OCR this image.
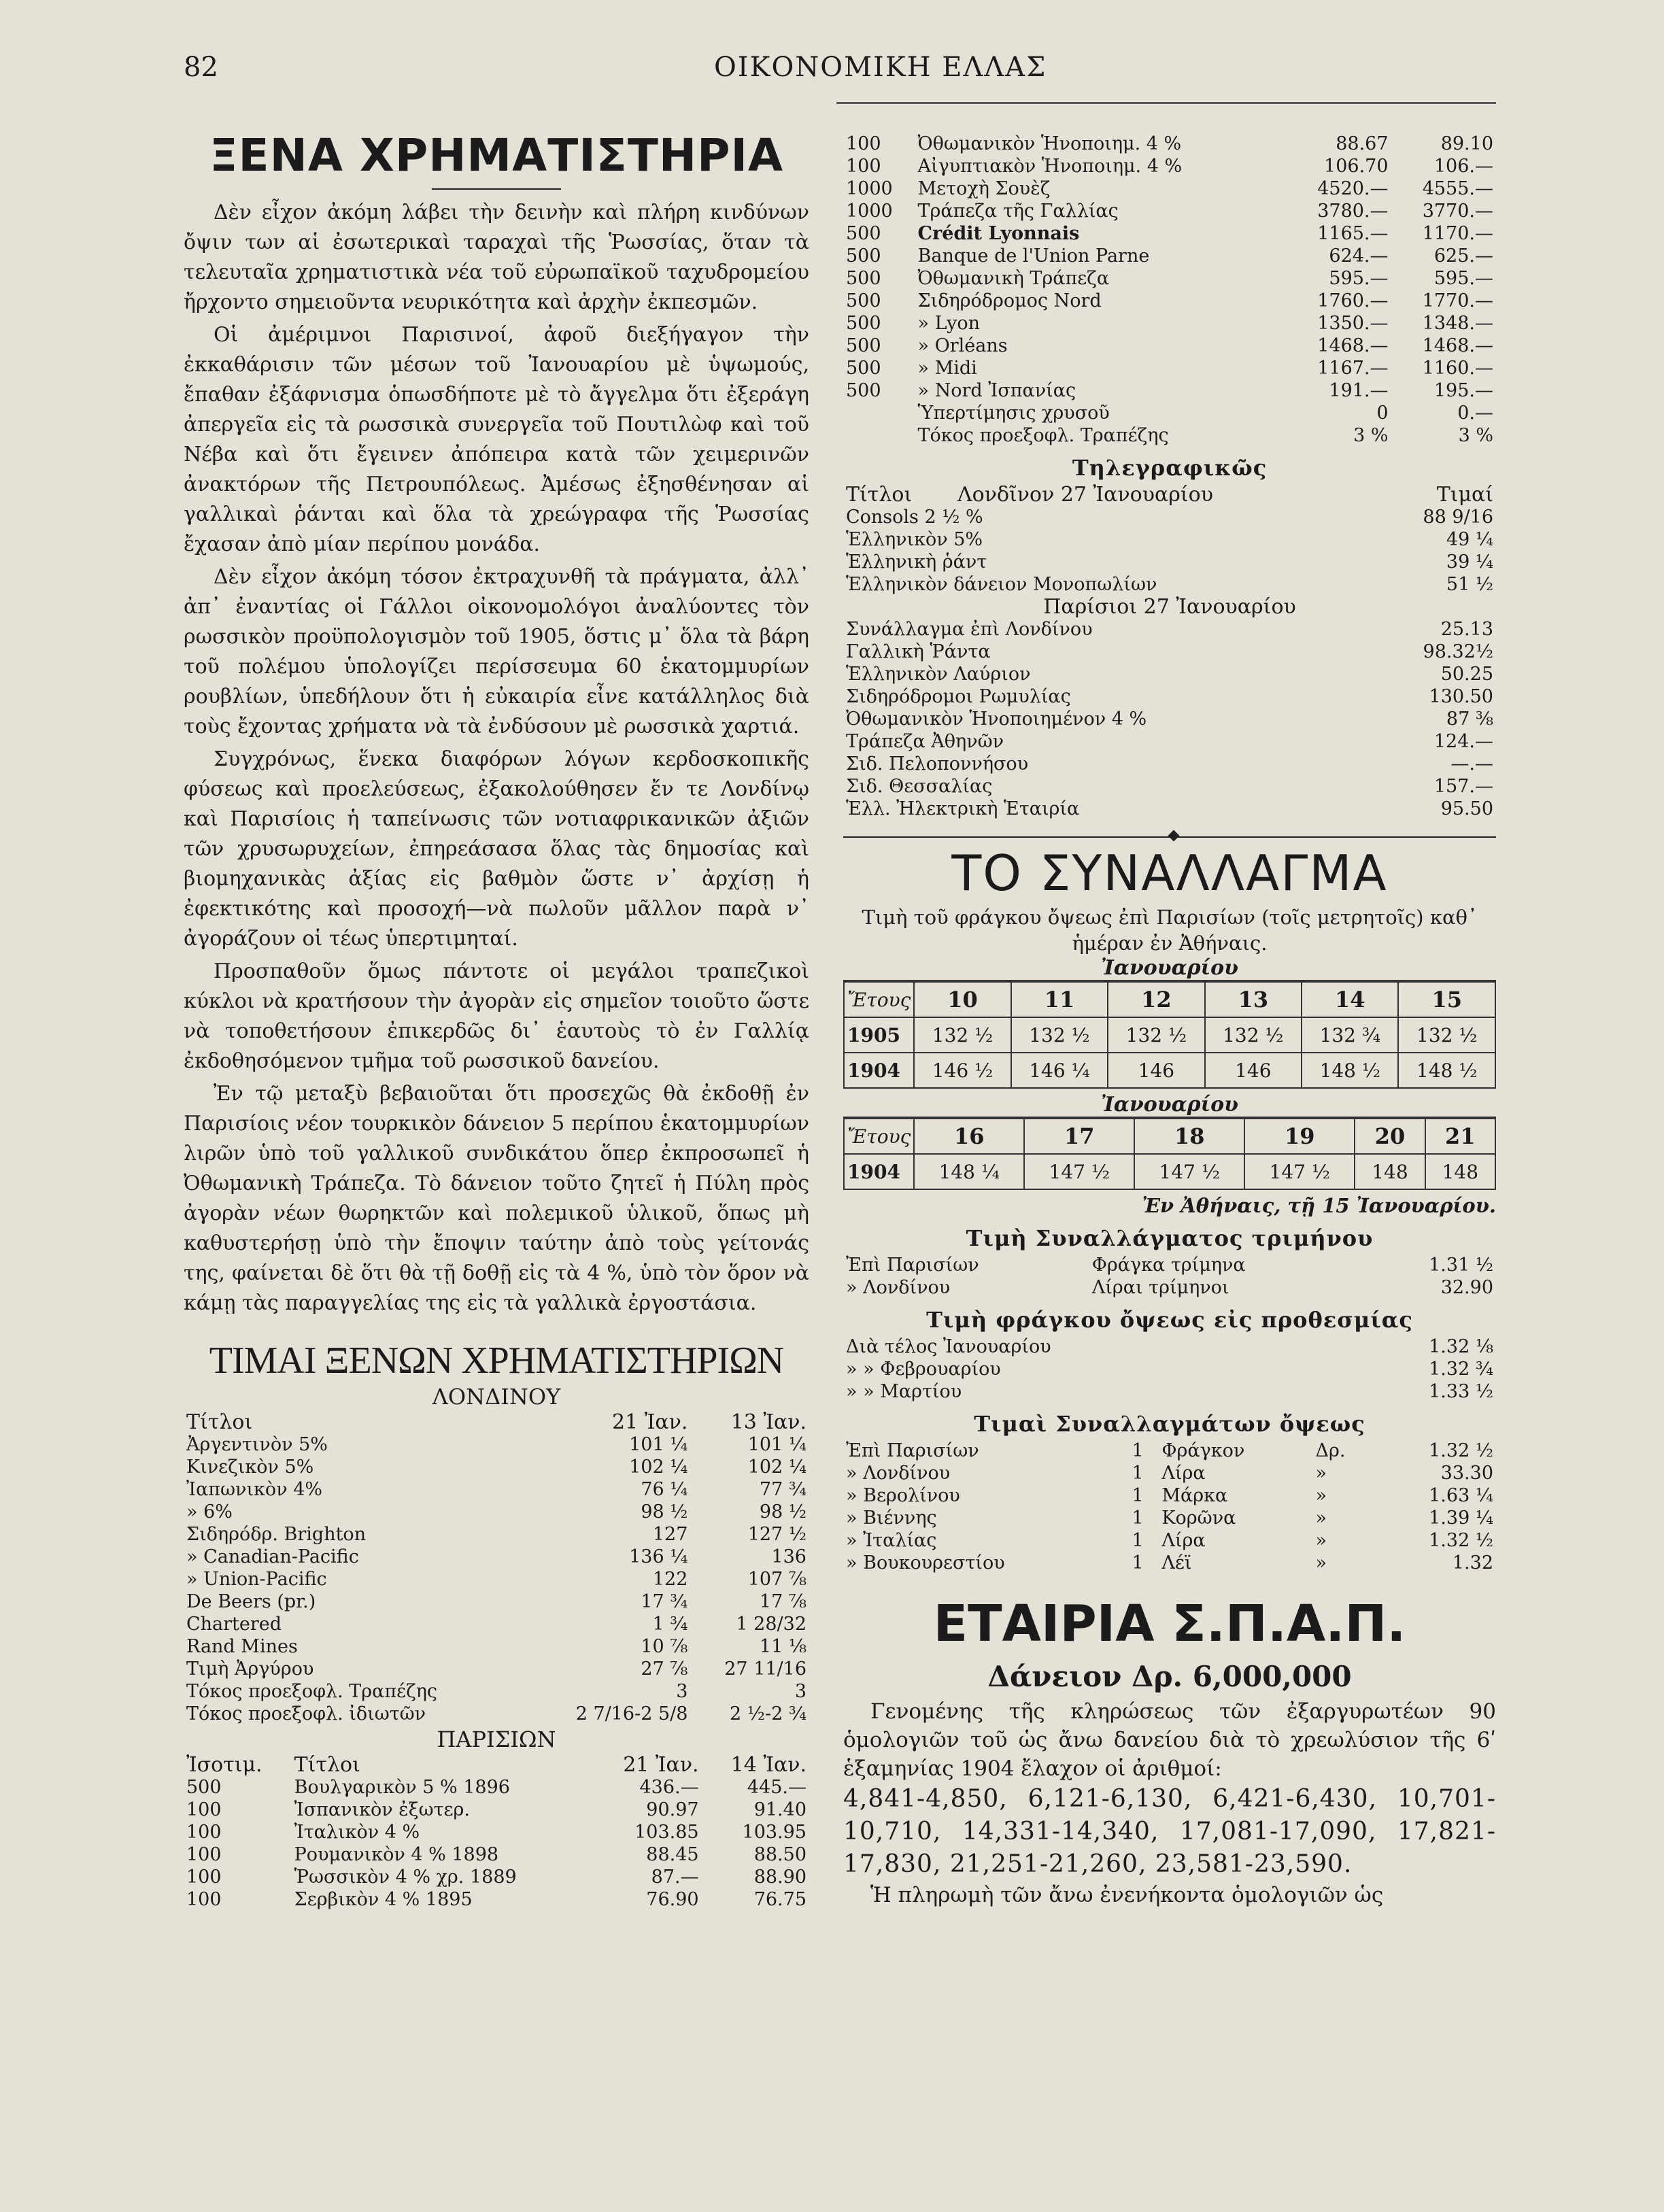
82	ΟΙΚΟΝΟΜΙΚΗ ΕΛΛΑΣ
ΞΕΝΑ ΧΡΗΜΑΤΙΣΤΗΡΙΑ

Δὲν εἶχον ἀκόμη λάβει τὴν δεινὴν καὶ πλήρη κινδύνων ὄψιν των αἱ ἐσωτερικαὶ ταραχαὶ τῆς Ῥωσσίας, ὅταν τὰ τελευταῖα χρηματιστικὰ νέα τοῦ εὐρωπαϊκοῦ ταχυδρομείου ἤρχοντο σημειοῦντα νευρικότητα καὶ ἀρχὴν ἐκπεσμῶν.

Οἱ ἀμέριμνοι Παρισινοί, ἀφοῦ διεξήγαγον τὴν ἐκκαθάρισιν τῶν μέσων τοῦ Ἰανουαρίου μὲ ὑψωμούς, ἔπαθαν ἐξάφνισμα ὁπωσδήποτε μὲ τὸ ἄγγελμα ὅτι ἐξεράγη ἀπεργεῖα εἰς τὰ ρωσσικὰ συνεργεῖα τοῦ Πουτιλὼφ καὶ τοῦ Νέβα καὶ ὅτι ἔγεινεν ἀπόπειρα κατὰ τῶν χειμερινῶν ἀνακτόρων τῆς Πετρουπόλεως. Ἀμέσως ἐξησθένησαν αἱ γαλλικαὶ ῥάνται καὶ ὅλα τὰ χρεώγραφα τῆς Ῥωσσίας ἔχασαν ἀπὸ μίαν περίπου μονάδα.

Δὲν εἶχον ἀκόμη τόσον ἐκτραχυνθῆ τὰ πράγματα, ἀλλ᾽ ἀπ᾽ ἐναντίας οἱ Γάλλοι οἰκονομολόγοι ἀναλύοντες τὸν ρωσσικὸν προϋπολογισμὸν τοῦ 1905, ὅστις μ᾽ ὅλα τὰ βάρη τοῦ πολέμου ὑπολογίζει περίσσευμα 60 ἑκατομμυρίων ρουβλίων, ὑπεδήλουν ὅτι ἡ εὐκαιρία εἶνε κατάλληλος διὰ τοὺς ἔχοντας χρήματα νὰ τὰ ἐνδύσουν μὲ ρωσσικὰ χαρτιά.

Συγχρόνως, ἕνεκα διαφόρων λόγων κερδοσκοπικῆς φύσεως καὶ προελεύσεως, ἐξακολούθησεν ἔν τε Λονδίνῳ καὶ Παρισίοις ἡ ταπείνωσις τῶν νοτιαφρικανικῶν ἀξιῶν τῶν χρυσωρυχείων, ἐπηρεάσασα ὅλας τὰς δημοσίας καὶ βιομηχανικὰς ἀξίας εἰς βαθμὸν ὥστε ν᾽ ἀρχίσῃ ἡ ἐφεκτικότης καὶ προσοχή—νὰ πωλοῦν μᾶλλον παρὰ ν᾽ ἀγοράζουν οἱ τέως ὑπερτιμηταί.

Προσπαθοῦν ὅμως πάντοτε οἱ μεγάλοι τραπεζικοὶ κύκλοι νὰ κρατήσουν τὴν ἀγορὰν εἰς σημεῖον τοιοῦτο ὥστε νὰ τοποθετήσουν ἐπικερδῶς δι᾽ ἑαυτοὺς τὸ ἐν Γαλλίᾳ ἐκδοθησόμενον τμῆμα τοῦ ρωσσικοῦ δανείου.

Ἐν τῷ μεταξὺ βεβαιοῦται ὅτι προσεχῶς θὰ ἐκδοθῇ ἐν Παρισίοις νέον τουρκικὸν δάνειον 5 περίπου ἑκατομμυρίων λιρῶν ὑπὸ τοῦ γαλλικοῦ συνδικάτου ὅπερ ἐκπροσωπεῖ ἡ Ὀθωμανικὴ Τράπεζα. Τὸ δάνειον τοῦτο ζητεῖ ἡ Πύλη πρὸς ἀγορὰν νέων θωρηκτῶν καὶ πολεμικοῦ ὑλικοῦ, ὅπως μὴ καθυστερήσῃ ὑπὸ τὴν ἔποψιν ταύτην ἀπὸ τοὺς γείτονάς της, φαίνεται δὲ ὅτι θὰ τῇ δοθῇ εἰς τὰ 4 %, ὑπὸ τὸν ὅρον νὰ κάμῃ τὰς παραγγελίας της εἰς τὰ γαλλικὰ ἐργοστάσια.

ΤΙΜΑΙ ΞΕΝΩΝ ΧΡΗΜΑΤΙΣΤΗΡΙΩΝ
ΛΟΝΔΙΝΟΥ
Τίτλοι	21 Ἰαν.	13 Ἰαν.
Ἀργεντινὸν 5%	101 ¼	101 ¼
Κινεζικὸν 5%	102 ¼	102 ¼
Ἰαπωνικὸν 4%	76 ¼	77 ¾
» 6%	98 ½	98 ½
Σιδηρόδρ. Brighton	127	127 ½
» Canadian-Pacific	136 ¼	136
» Union-Pacific	122	107 ⅞
De Beers (pr.)	17 ¾	17 ⅞
Chartered	1 ¾	1 28/32
Rand Mines	10 ⅞	11 ⅛
Τιμὴ Ἀργύρου	27 ⅞	27 11/16
Τόκος προεξοφλ. Τραπέζης	3	3
Τόκος προεξοφλ. ἰδιωτῶν	2 7/16-2 5/8	2 ½-2 ¾
ΠΑΡΙΣΙΩΝ
Ἰσοτιμ.	Τίτλοι	21 Ἰαν.	14 Ἰαν.
500	Βουλγαρικὸν 5 % 1896	436.—	445.—
100	Ἰσπανικὸν ἐξωτερ.	90.97	91.40
100	Ἰταλικὸν 4 %	103.85	103.95
100	Ρουμανικὸν 4 % 1898	88.45	88.50
100	Ῥωσσικὸν 4 % χρ. 1889	87.—	88.90
100	Σερβικὸν 4 % 1895	76.90	76.75
100	Ὀθωμανικὸν Ἡνοποιημ. 4 %	88.67	89.10
100	Αἰγυπτιακὸν Ἡνοποιημ. 4 %	106.70	106.—
1000	Μετοχὴ Σουὲζ	4520.—	4555.—
1000	Τράπεζα τῆς Γαλλίας	3780.—	3770.—
500	Crédit Lyonnais	1165.—	1170.—
500	Banque de l'Union Parne	624.—	625.—
500	Ὀθωμανικὴ Τράπεζα	595.—	595.—
500	Σιδηρόδρομος Nord	1760.—	1770.—
500	» Lyon	1350.—	1348.—
500	» Orléans	1468.—	1468.—
500	» Midi	1167.—	1160.—
500	» Nord Ἰσπανίας	191.—	195.—
	Ὑπερτίμησις χρυσοῦ	0	0.—
	Τόκος προεξοφλ. Τραπέζης	3 %	3 %
Τηλεγραφικῶς
Τίτλοι Λονδῖνον 27 Ἰανουαρίου	Τιμαί
Consols 2 ½ %	88 9/16
Ἑλληνικὸν 5%	49 ¼
Ἑλληνικὴ ῥάντ	39 ¼
Ἑλληνικὸν δάνειον Μονοπωλίων	51 ½
Παρίσιοι 27 Ἰανουαρίου	
Συνάλλαγμα ἐπὶ Λονδίνου	25.13
Γαλλικὴ Ῥάντα	98.32½
Ἑλληνικὸν Λαύριον	50.25
Σιδηρόδρομοι Ρωμυλίας	130.50
Ὀθωμανικὸν Ἡνοποιημένον 4 %	87 ⅜
Τράπεζα Ἀθηνῶν	124.—
Σιδ. Πελοποννήσου	—.—
Σιδ. Θεσσαλίας	157.—
Ἑλλ. Ἠλεκτρικὴ Ἑταιρία	95.50
ΤΟ ΣΥΝΑΛΛΑΓΜΑ
Τιμὴ τοῦ φράγκου ὄψεως ἐπὶ Παρισίων (τοῖς μετρητοῖς) καθ᾽ ἡμέραν ἐν Ἀθήναις.
Ἰανουαρίου
Ἔτους	10	11	12	13	14	15
1905	132 ½	132 ½	132 ½	132 ½	132 ¾	132 ½
1904	146 ½	146 ¼	146	146	148 ½	148 ½
Ἰανουαρίου
Ἔτους	16	17	18	19	20	21
1904	148 ¼	147 ½	147 ½	147 ½	148	148
Ἐν Ἀθήναις, τῇ 15 Ἰανουαρίου.
Τιμὴ Συναλλάγματος τριμήνου
Ἐπὶ Παρισίων	Φράγκα τρίμηνα	1.31 ½
» Λονδίνου	Λίραι τρίμηνοι	32.90
Τιμὴ φράγκου ὄψεως εἰς προθεσμίας
Διὰ τέλος Ἰανουαρίου	1.32 ⅛
» » Φεβρουαρίου	1.32 ¾
» » Μαρτίου	1.33 ½
Τιμαὶ Συναλλαγμάτων ὄψεως
Ἐπὶ Παρισίων	1	Φράγκον	Δρ.	1.32 ½
» Λονδίνου	1	Λίρα	»	33.30
» Βερολίνου	1	Μάρκα	»	1.63 ¼
» Βιέννης	1	Κορῶνα	»	1.39 ¼
» Ἰταλίας	1	Λίρα	»	1.32 ½
» Βουκουρεστίου	1	Λέϊ	»	1.32
ΕΤΑΙΡΙΑ Σ.Π.Α.Π.
Δάνειον Δρ. 6,000,000

Γενομένης τῆς κληρώσεως τῶν ἐξαργυρωτέων 90 ὁμολογιῶν τοῦ ὡς ἄνω δανείου διὰ τὸ χρεωλύσιον τῆς 6ʹ ἑξαμηνίας 1904 ἔλαχον οἱ ἀριθμοί:

4,841-4,850, 6,121-6,130, 6,421-6,430, 10,701-10,710, 14,331-14,340, 17,081-17,090, 17,821-17,830, 21,251-21,260, 23,581-23,590.

Ἡ πληρωμὴ τῶν ἄνω ἐνενήκοντα ὁμολογιῶν ὡς
